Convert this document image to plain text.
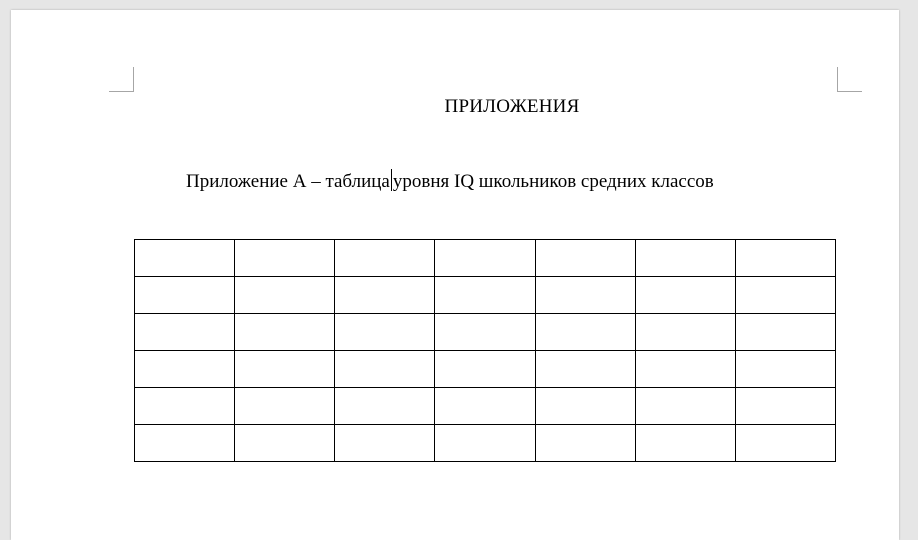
ПРИЛОЖЕНИЯ
Приложение А – таблица уровня IQ школьников средних классов
